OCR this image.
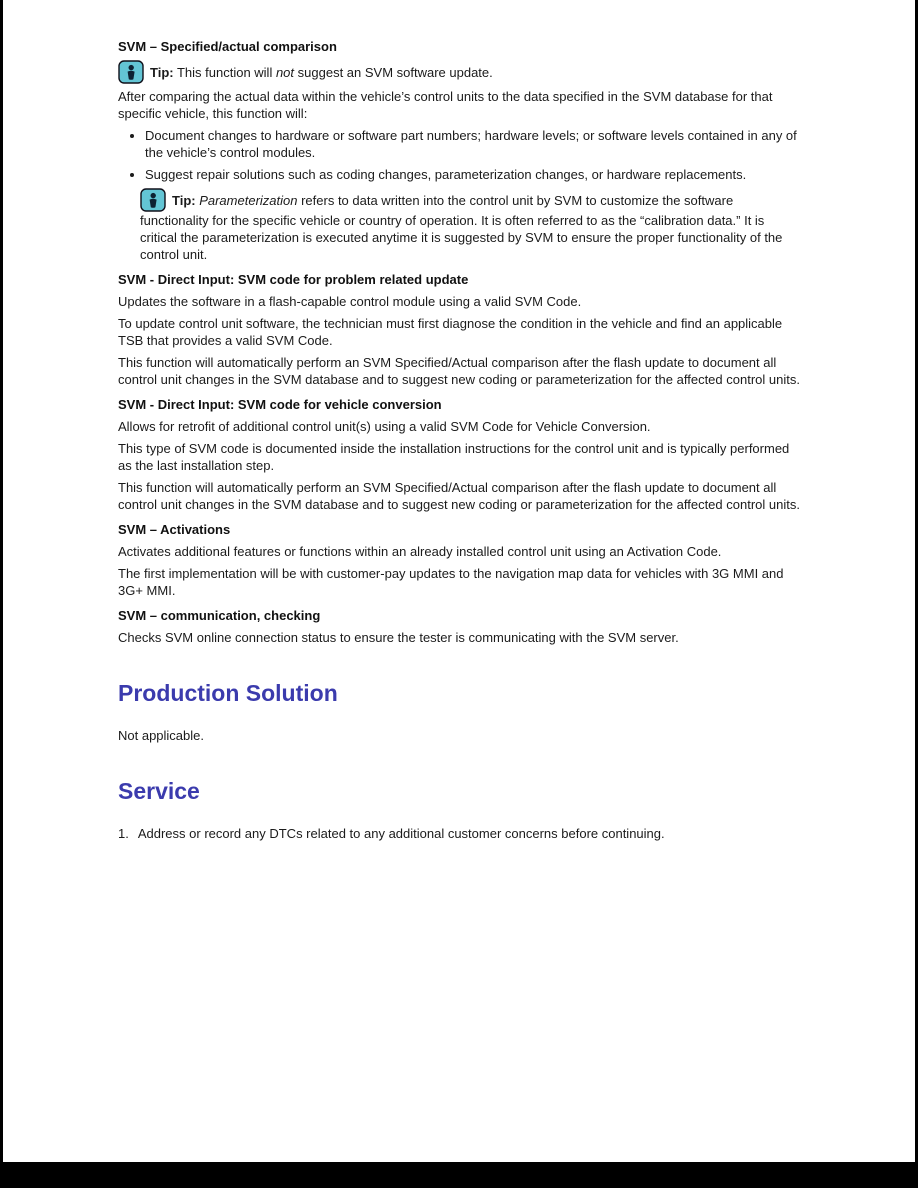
SVM – Specified/actual comparison
Tip: This function will not suggest an SVM software update.

After comparing the actual data within the vehicle’s control units to the data specified in the SVM database for that specific vehicle, this function will:

• Document changes to hardware or software part numbers; hardware levels; or software levels contained in any of the vehicle’s control modules.
• Suggest repair solutions such as coding changes, parameterization changes, or hardware replacements.
Tip: Parameterization refers to data written into the control unit by SVM to customize the software functionality for the specific vehicle or country of operation. It is often referred to as the “calibration data.” It is critical the parameterization is executed anytime it is suggested by SVM to ensure the proper functionality of the control unit.
SVM - Direct Input: SVM code for problem related update

Updates the software in a flash-capable control module using a valid SVM Code.

To update control unit software, the technician must first diagnose the condition in the vehicle and find an applicable TSB that provides a valid SVM Code.

This function will automatically perform an SVM Specified/Actual comparison after the flash update to document all control unit changes in the SVM database and to suggest new coding or parameterization for the affected control units.

SVM - Direct Input: SVM code for vehicle conversion

Allows for retrofit of additional control unit(s) using a valid SVM Code for Vehicle Conversion.

This type of SVM code is documented inside the installation instructions for the control unit and is typically performed as the last installation step.

This function will automatically perform an SVM Specified/Actual comparison after the flash update to document all control unit changes in the SVM database and to suggest new coding or parameterization for the affected control units.

SVM – Activations

Activates additional features or functions within an already installed control unit using an Activation Code.

The first implementation will be with customer-pay updates to the navigation map data for vehicles with 3G MMI and 3G+ MMI.

SVM – communication, checking

Checks SVM online connection status to ensure the tester is communicating with the SVM server.

Production Solution

Not applicable.

Service
1. Address or record any DTCs related to any additional customer concerns before continuing.
